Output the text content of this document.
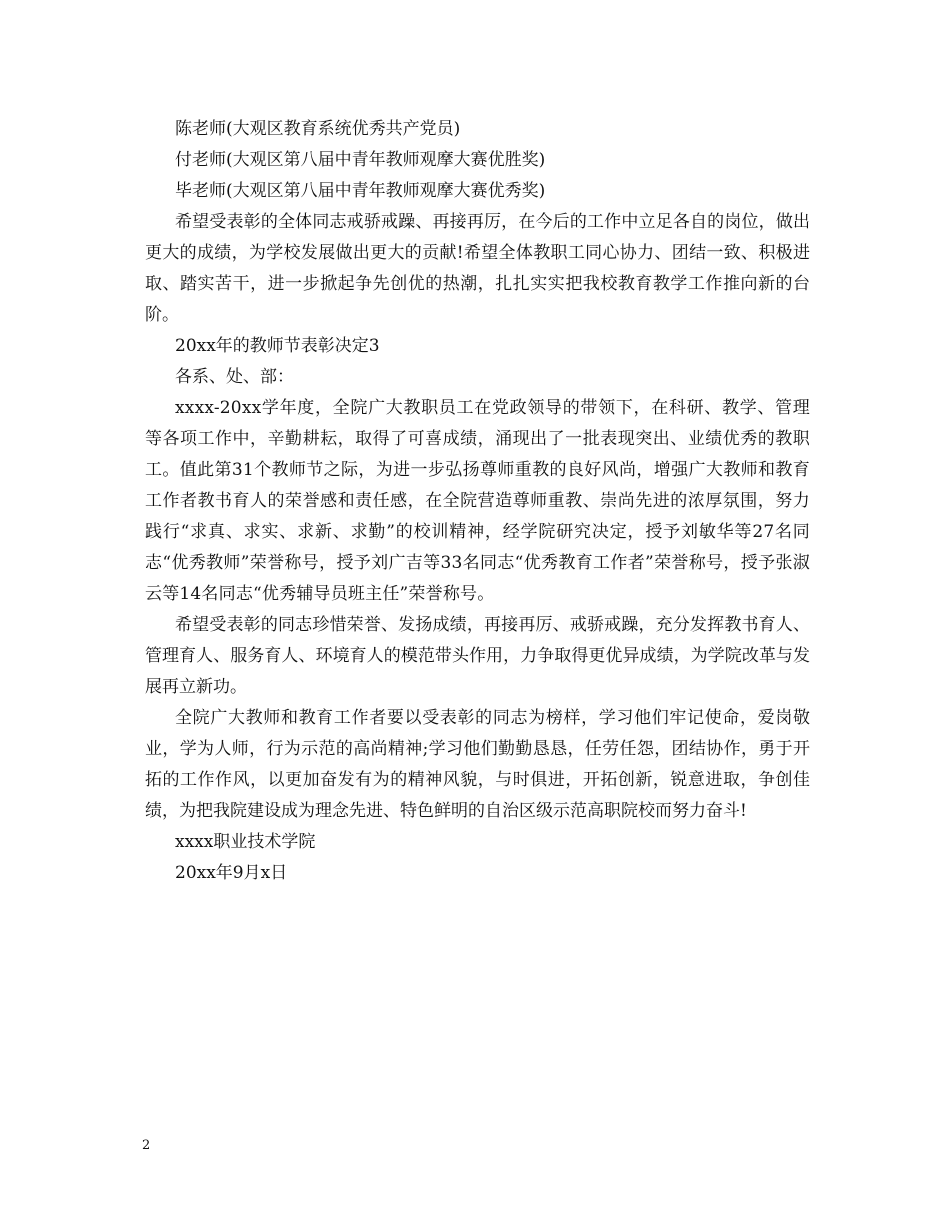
陈老师(大观区教育系统优秀共产党员)
付老师(大观区第八届中青年教师观摩大赛优胜奖)
毕老师(大观区第八届中青年教师观摩大赛优秀奖)
希望受表彰的全体同志戒骄戒躁、再接再厉，在今后的工作中立足各自的岗位，做出更大的成绩，为学校发展做出更大的贡献!希望全体教职工同心协力、团结一致、积极进取、踏实苦干，进一步掀起争先创优的热潮，扎扎实实把我校教育教学工作推向新的台阶。
20xx年的教师节表彰决定3
各系、处、部：
xxxx-20xx学年度，全院广大教职员工在党政领导的带领下，在科研、教学、管理等各项工作中，辛勤耕耘，取得了可喜成绩，涌现出了一批表现突出、业绩优秀的教职工。值此第31个教师节之际，为进一步弘扬尊师重教的良好风尚，增强广大教师和教育工作者教书育人的荣誉感和责任感，在全院营造尊师重教、崇尚先进的浓厚氛围，努力践行“求真、求实、求新、求勤”的校训精神，经学院研究决定，授予刘敏华等27名同志“优秀教师”荣誉称号，授予刘广吉等33名同志“优秀教育工作者”荣誉称号，授予张淑云等14名同志“优秀辅导员班主任”荣誉称号。
希望受表彰的同志珍惜荣誉、发扬成绩，再接再厉、戒骄戒躁，充分发挥教书育人、管理育人、服务育人、环境育人的模范带头作用，力争取得更优异成绩，为学院改革与发展再立新功。
全院广大教师和教育工作者要以受表彰的同志为榜样，学习他们牢记使命，爱岗敬业，学为人师，行为示范的高尚精神;学习他们勤勤恳恳，任劳任怨，团结协作，勇于开拓的工作作风，以更加奋发有为的精神风貌，与时俱进，开拓创新，锐意进取，争创佳绩，为把我院建设成为理念先进、特色鲜明的自治区级示范高职院校而努力奋斗!
xxxx职业技术学院
20xx年9月x日
2
